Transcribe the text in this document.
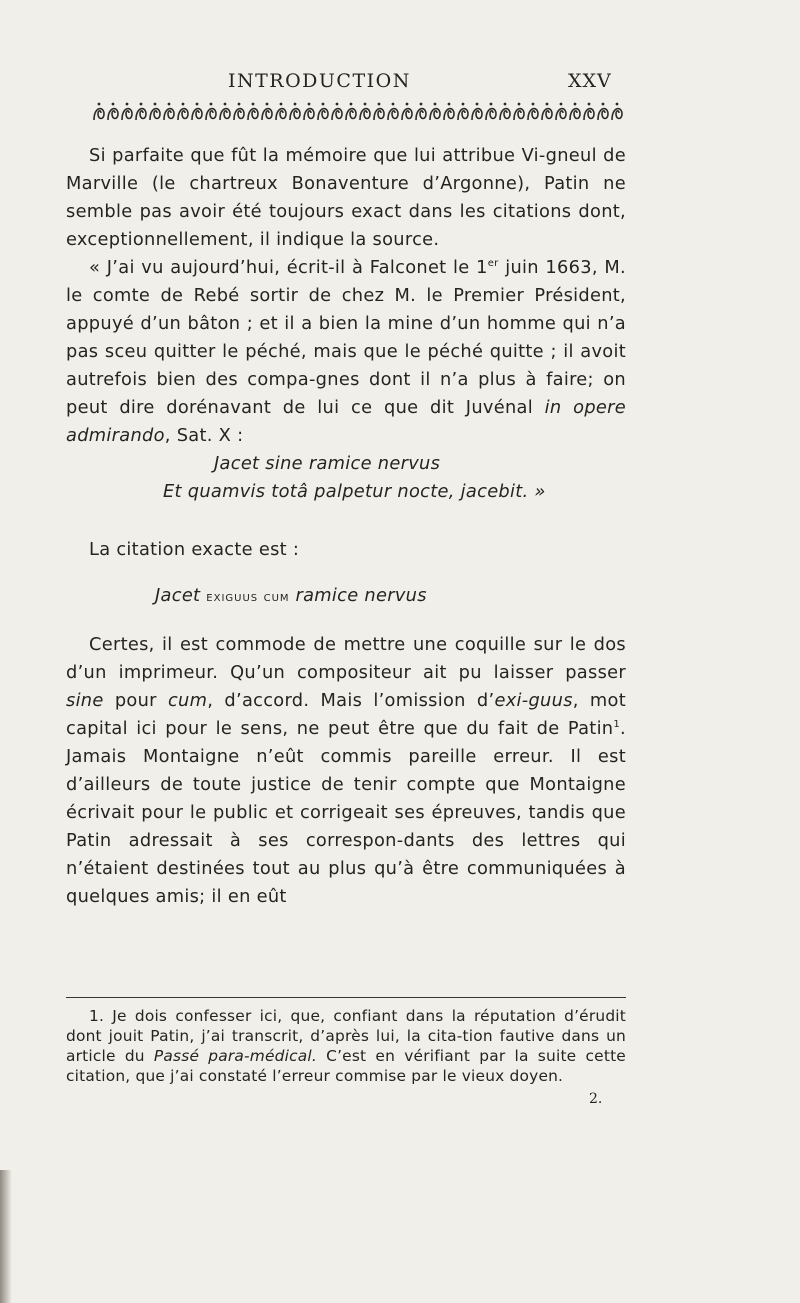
INTRODUCTION	XXV

Si parfaite que fût la mémoire que lui attribue Vi-gneul de Marville (le chartreux Bonaventure d’Argonne), Patin ne semble pas avoir été toujours exact dans les citations dont, exceptionnellement, il indique la source.

« J’ai vu aujourd’hui, écrit-il à Falconet le 1er juin 1663, M. le comte de Rebé sortir de chez M. le Premier Président, appuyé d’un bâton ; et il a bien la mine d’un homme qui n’a pas sceu quitter le péché, mais que le péché quitte ; il avoit autrefois bien des compa-gnes dont il n’a plus à faire; on peut dire dorénavant de lui ce que dit Juvénal in opere admirando, Sat. X :

Jacet sine ramice nervus

Et quamvis totâ palpetur nocte, jacebit. »

La citation exacte est :

Jacet exiguus cum ramice nervus

Certes, il est commode de mettre une coquille sur le dos d’un imprimeur. Qu’un compositeur ait pu laisser passer sine pour cum, d’accord. Mais l’omission d’exi-guus, mot capital ici pour le sens, ne peut être que du fait de Patin$^1$. Jamais Montaigne n’eût commis pareille erreur. Il est d’ailleurs de toute justice de tenir compte que Montaigne écrivait pour le public et corrigeait ses épreuves, tandis que Patin adressait à ses correspon-dants des lettres qui n’étaient destinées tout au plus qu’à être communiquées à quelques amis; il en eût

1. Je dois confesser ici, que, confiant dans la réputation d’érudit dont jouit Patin, j’ai transcrit, d’après lui, la cita-tion fautive dans un article du Passé para-médical. C’est en vérifiant par la suite cette citation, que j’ai constaté l’erreur commise par le vieux doyen.

2.
